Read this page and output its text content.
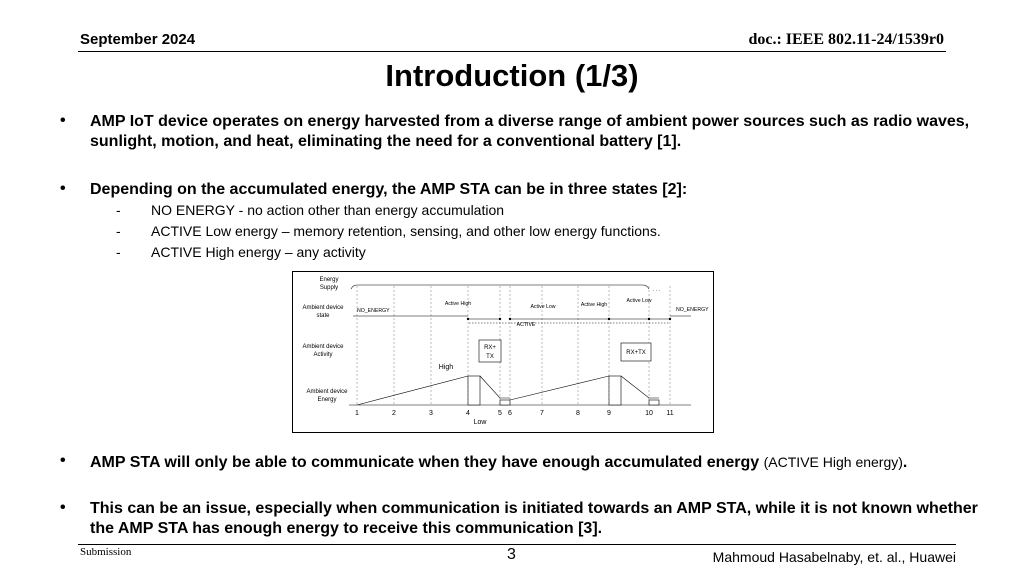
September 2024	doc.: IEEE 802.11-24/1539r0
Introduction (1/3)
• AMP IoT device operates on energy harvested from a diverse range of ambient power sources such as radio waves, sunlight, motion, and heat, eliminating the need for a conventional battery [1].
• Depending on the accumulated energy, the AMP STA can be in three states [2]:
- NO ENERGY - no action other than energy accumulation
- ACTIVE Low energy – memory retention, sensing, and other low energy functions.
- ACTIVE High energy – any activity
Energy
Supply
Ambient device
state
Ambient device
Activity
Ambient device
Energy
. . .
NO_ENERGY
Active High	Active Low	Active High
Active Low
NO_ENERGY
ACTIVE
RX+
TX
RX+TX
High
Low
1	2	3	4	5 6	7	8	9	10 11
• AMP STA will only be able to communicate when they have enough accumulated energy (ACTIVE High energy).
• This can be an issue, especially when communication is initiated towards an AMP STA, while it is not known whether the AMP STA has enough energy to receive this communication [3].
Submission	3	Mahmoud Hasabelnaby, et. al., Huawei
